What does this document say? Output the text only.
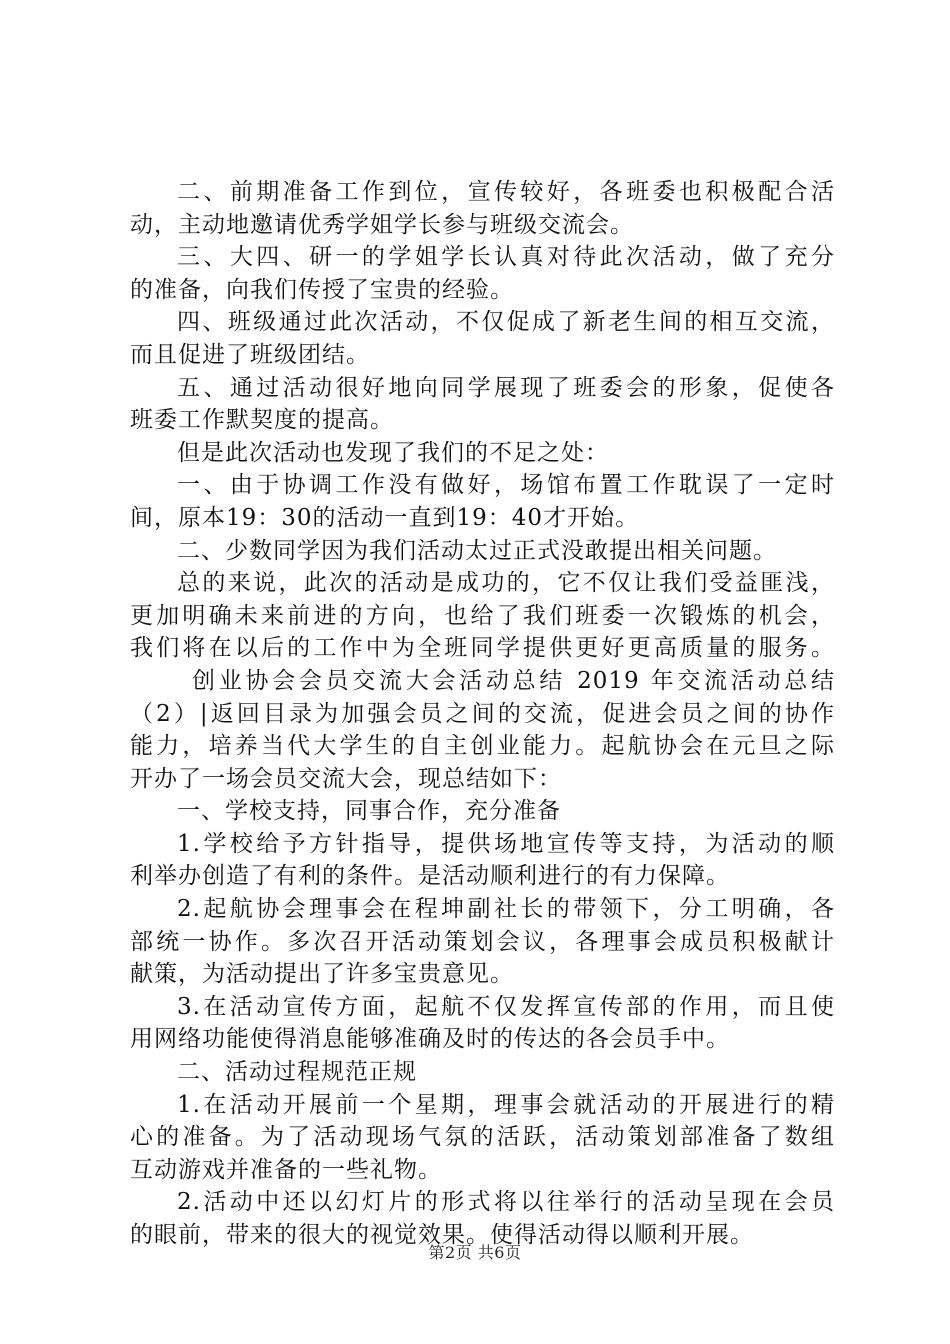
二、前期准备工作到位，宣传较好，各班委也积极配合活
动，主动地邀请优秀学姐学长参与班级交流会。
三、大四、研一的学姐学长认真对待此次活动，做了充分
的准备，向我们传授了宝贵的经验。
四、班级通过此次活动，不仅促成了新老生间的相互交流，
而且促进了班级团结。
五、通过活动很好地向同学展现了班委会的形象，促使各
班委工作默契度的提高。
但是此次活动也发现了我们的不足之处：
一、由于协调工作没有做好，场馆布置工作耽误了一定时
间，原本19：30的活动一直到19：40才开始。
二、少数同学因为我们活动太过正式没敢提出相关问题。
总的来说，此次的活动是成功的，它不仅让我们受益匪浅，
更加明确未来前进的方向，也给了我们班委一次锻炼的机会，
我们将在以后的工作中为全班同学提供更好更高质量的服务。
创业协会会员交流大会活动总结 2019 年交流活动总结
（2）|返回目录为加强会员之间的交流，促进会员之间的协作
能力，培养当代大学生的自主创业能力。起航协会在元旦之际
开办了一场会员交流大会，现总结如下：
一、学校支持，同事合作，充分准备
1.学校给予方针指导，提供场地宣传等支持，为活动的顺
利举办创造了有利的条件。是活动顺利进行的有力保障。
2.起航协会理事会在程坤副社长的带领下，分工明确，各
部统一协作。多次召开活动策划会议，各理事会成员积极献计
献策，为活动提出了许多宝贵意见。
3.在活动宣传方面，起航不仅发挥宣传部的作用，而且使
用网络功能使得消息能够准确及时的传达的各会员手中。
二、活动过程规范正规
1.在活动开展前一个星期，理事会就活动的开展进行的精
心的准备。为了活动现场气氛的活跃，活动策划部准备了数组
互动游戏并准备的一些礼物。
2.活动中还以幻灯片的形式将以往举行的活动呈现在会员
的眼前，带来的很大的视觉效果。使得活动得以顺利开展。
第2页 共6页
